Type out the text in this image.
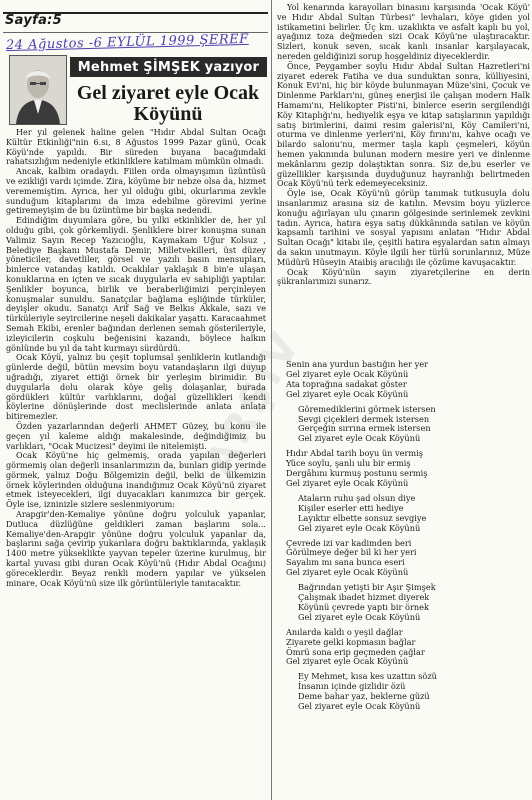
Sayfa:5
24 Ağustos -6 EYLÜL 1999 ŞEREF
Mehmet ŞİMŞEK yazıyor
Gel ziyaret eyle Ocak Köyünü

Her yıl gelenek haline gelen "Hıdır Abdal Sultan Ocağı Kültür Etkinliği"nin 6.sı, 8 Ağustos 1999 Pazar günü, Ocak Köyü'nde yapıldı. Bir süreden buyana bacağımdaki rahatsızlığım nedeniyle etkinliklere katılmam mümkün olmadı.

Ancak, kalbim oradaydı. Fiilen orda olmayışımın üzüntüsü ve ezikliği vardı içimde. Zira, köyüme bir nebze olsa da, hizmet verememiştim. Ayrıca, her yıl olduğu gibi, okurlarıma zevkle sunduğum kitaplarımı da imza edebilme görevimi yerine getiremeyişim de bu üzüntüme bir başka nedendi.

Edindiğim duyumlara göre, bu yılki etkinlikler de, her yıl olduğu gibi, çok görkemliydi. Şenliklere birer konuşma sunan Valimiz Sayın Recep Yazıcıoğlu, Kaymakam Uğur Kolsuz , Belediye Başkanı Mustafa Demir, Milletvekilleri, üst düzey yöneticiler, davetliler, görsel ve yazılı basın mensupları, binlerce vatandaş katıldı. Ocaklılar yaklaşık 8 bin'e ulaşan konuklarına en içten ve sıcak duygularla ev sahipliği yaptılar. Şenlikler boyunca, birlik ve beraberliğimizi perçinleyen konuşmalar sunuldu. Sanatçılar bağlama eşliğinde türküler, deyişler okudu. Sanatçı Arif Sağ ve Belkıs Akkale, sazı ve türküleriyle seyircilerine neşeli dakikalar yaşattı. Karacaahmet Semah Ekibi, erenler bağından derlenen semah gösterileriyle, izleyicilerin coşkulu beğenisini kazandı, böylece halkın gönlünde bu yıl da taht kurmayı sürdürdü.

Ocak Köyü, yalnız bu çeşit toplumsal şenliklerin kutlandığı günlerde değil, bütün mevsim boyu vatandaşların ilgi duyup uğradığı, ziyaret ettiği örnek bir yerleşim birimidir. Bu duygularla dolu olarak köye geliş dolaşanlar, burada gördükleri kültür varlıklarını, doğal güzellikleri kendi köylerine dönüşlerinde dost meclislerinde anlata anlata bitiremezler.

Özden yazarlarından değerli AHMET Güzey, bu konu ile geçen yıl kaleme aldığı makalesinde, değindiğimiz bu varlıkları, "Ocak Mucizesi" deyimi ile nitelemişti.

Ocak Köyü'ne hiç gelmemiş, orada yapılan değerleri görmemiş olan değerli insanlarımızın da, bunları gidip yerinde görmek, yalnız Doğu Bölgemizin değil, belki de ülkemizin örnek köylerinden olduğuna inandığımız Ocak Köyü'nü ziyaret etmek isteyecekleri, ilgi duyacakları kanımızca bir gerçek. Öyle ise, izninizle sizlere seslenmiyorum:

Arapgir'den-Kemaliye yönüne doğru yolculuk yapanlar, Dutluca düzlüğüne geldikleri zaman başlarını sola... Kemaliye'den-Arapgir yönüne doğru yolculuk yapanlar da, başlarını sağa çevirip yukarılara doğru baktıklarında, yaklaşık 1400 metre yükseklikte yayvan tepeler üzerine kurulmuş, bir kartal yuvası gibi duran Ocak Köyü'nü (Hıdır Abdal Ocağını) göreceklerdir. Beyaz renkli modern yapılar ve yükselen minare, Ocak Köyü'nü size ilk görüntüleriyle tanıtacaktır.

Yol kenarında karayolları binasını karşısında 'Ocak Köyü' ve Hıdır Abdal Sultan Türbesi" levhaları, köye giden yol istikametini belirler. Üç km. uzaklıkta ve asfalt kaplı bu yol, ayağınız toza değmeden sizi Ocak Köyü'ne ulaştıracaktır. Sizleri, konuk seven, sıcak kanlı insanlar karşılayacak, nereden geldiğinizi sorup hoşgeldiniz diyeceklerdir.

Önce, Peygamber soylu Hıdır Abdal Sultan Hazretleri'ni ziyaret ederek Fatiha ve dua sunduktan sonra, külliyesini, Konuk Evi'ni, hiç bir köyde bulunmayan Müze'sini, Çocuk ve Dinlenme Parkları'nı, güneş enerjisi ile çalışan modern Halk Hamamı'nı, Helikopter Pisti'ni, binlerce eserin sergilendiği Köy Kitaplığı'nı, hediyelik eşya ve kitap satışlarının yapıldığı satış birimlerini, daimi resim galerisi'ni, Köy Camileri'ni, oturma ve dinlenme yerleri'ni, Köy fırını'nı, kahve ocağı ve bilardo salonu'nu, mermer taşla kaplı çeşmeleri, köyün hemen yakınında bulunan modern mesire yeri ve dinlenme mekânlarını gezip dolaştıktan sonra. Siz de,bu eserler ve güzellikler karşısında duyduğunuz hayranlığı belirtmeden Ocak Köyü'nü terk edemeyeceksiniz.

Öyle ise, Ocak Köyü'nü görüp tanımak tutkusuyla dolu insanlarımız arasına siz de katılın. Mevsim boyu yüzlerce konuğu ağırlayan ulu çınarın gölgesinde serinlemek zevkini tadın. Ayrıca, hatıra eşya satış dükkânında satılan ve köyün kapsamlı tarihini ve sosyal yapısını anlatan "Hıdır Abdal Sultan Ocağı" kitabı ile, çeşitli hatıra eşyalardan satın almayı da sakın unutmayın. Köyle ilgili her türlü sorunlarınız, Müze Müdürü Hüseyin Ataibiş aracılığı ile çözüme kavuşacaktır.

Ocak Köyü'nün sayın ziyaretçilerine en derin şükranlarımızı sunarız.

Senin ana yurdun bastığın her yer
Gel ziyaret eyle Ocak Köyünü
Ata toprağına sadakat göster
Gel ziyaret eyle Ocak Köyünü
Göremediklerini görmek istersen
Sevgi çiçekleri dermek istersen
Gerçeğin sırrına ermek istersen
Gel ziyaret eyle Ocak Köyünü
Hıdır Abdal tarih boyu ün vermiş
Yüce soylu, şanlı ulu bir ermiş
Dergâhını kurmuş postunu sermiş
Gel ziyaret eyle Ocak Köyünü
Ataların ruhu şad olsun diye
Kişiler eserler etti hediye
Layıktır elbette sonsuz sevgiye
Gel ziyaret eyle Ocak Köyünü
Çevrede izi var kadimden beri
Görülmeye değer bil ki her yeri
Sayalım mı sana bunca eseri
Gel ziyaret eyle Ocak Köyünü
Bağrından yetişti bir Aşır Şimşek
Çalışmak ibadet hizmet diyerek
Köyünü çevrede yaptı bir örnek
Gel ziyaret eyle Ocak Köyünü
Anılarda kaldı o yeşil dağlar
Ziyarete gelki kopmasın bağlar
Ömrü sona erip geçmeden çağlar
Gel ziyaret eyle Ocak Köyünü
Ey Mehmet, kısa kes uzattın sözü
İnsanın içinde gizlidir özü
Deme bahar yaz, beklerne güzü
Gel ziyaret eyle Ocak Köyünü
ARŞİV
